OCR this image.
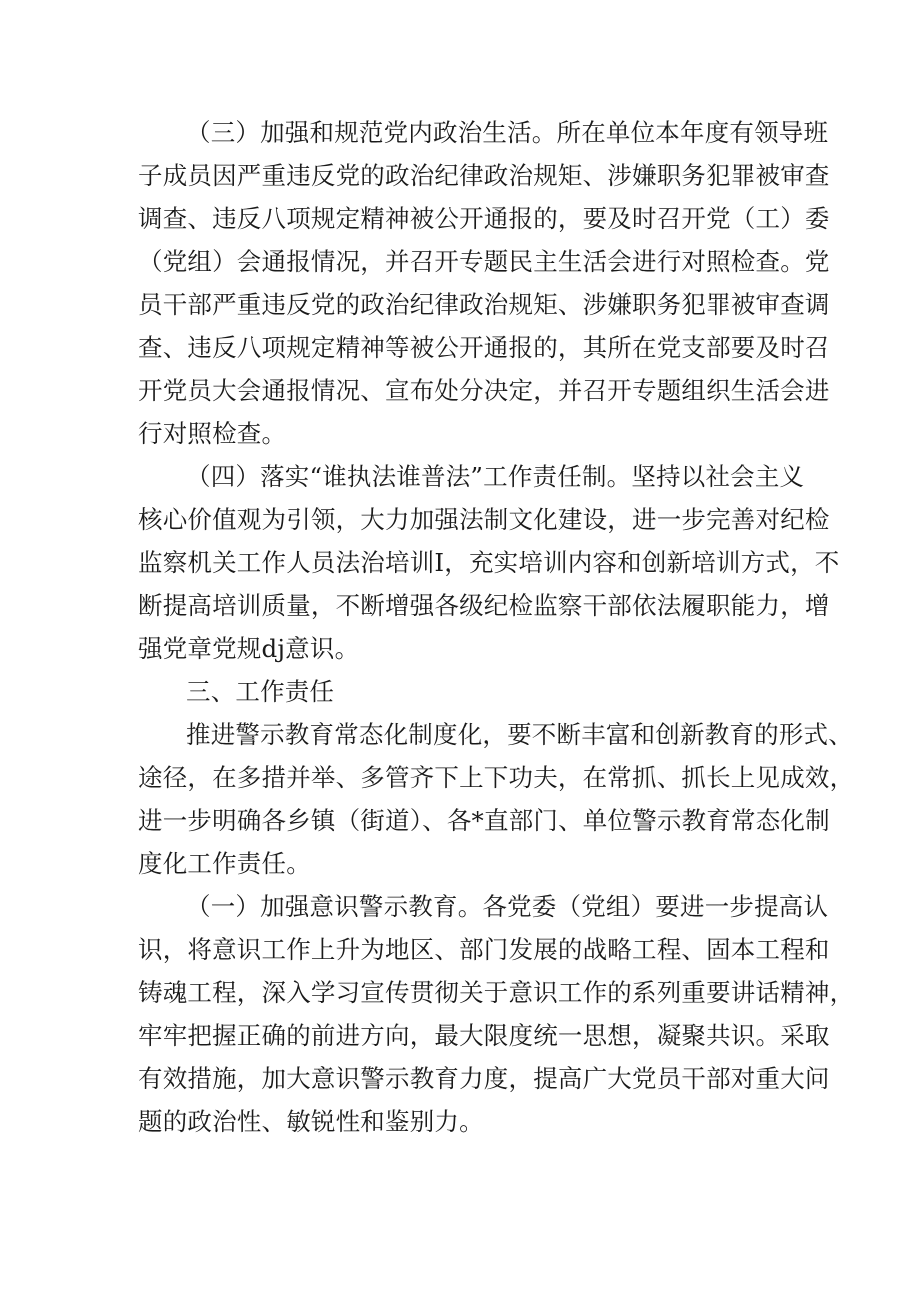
（三）加强和规范党内政治生活。所在单位本年度有领导班
子成员因严重违反党的政治纪律政治规矩、涉嫌职务犯罪被审查
调查、违反八项规定精神被公开通报的，要及时召开党（工）委
（党组）会通报情况，并召开专题民主生活会进行对照检查。党
员干部严重违反党的政治纪律政治规矩、涉嫌职务犯罪被审查调
查、违反八项规定精神等被公开通报的，其所在党支部要及时召
开党员大会通报情况、宣布处分决定，并召开专题组织生活会进
行对照检查。
（四）落实“谁执法谁普法”工作责任制。坚持以社会主义
核心价值观为引领，大力加强法制文化建设，进一步完善对纪检
监察机关工作人员法治培训I，充实培训内容和创新培训方式，不
断提高培训质量，不断增强各级纪检监察干部依法履职能力，增
强党章党规dj意识。
三、工作责任
推进警示教育常态化制度化，要不断丰富和创新教育的形式、
途径，在多措并举、多管齐下上下功夫，在常抓、抓长上见成效，
进一步明确各乡镇（街道）、各*直部门、单位警示教育常态化制
度化工作责任。
（一）加强意识警示教育。各党委（党组）要进一步提高认
识，将意识工作上升为地区、部门发展的战略工程、固本工程和
铸魂工程，深入学习宣传贯彻关于意识工作的系列重要讲话精神，
牢牢把握正确的前进方向，最大限度统一思想，凝聚共识。采取
有效措施，加大意识警示教育力度，提高广大党员干部对重大问
题的政治性、敏锐性和鉴别力。
